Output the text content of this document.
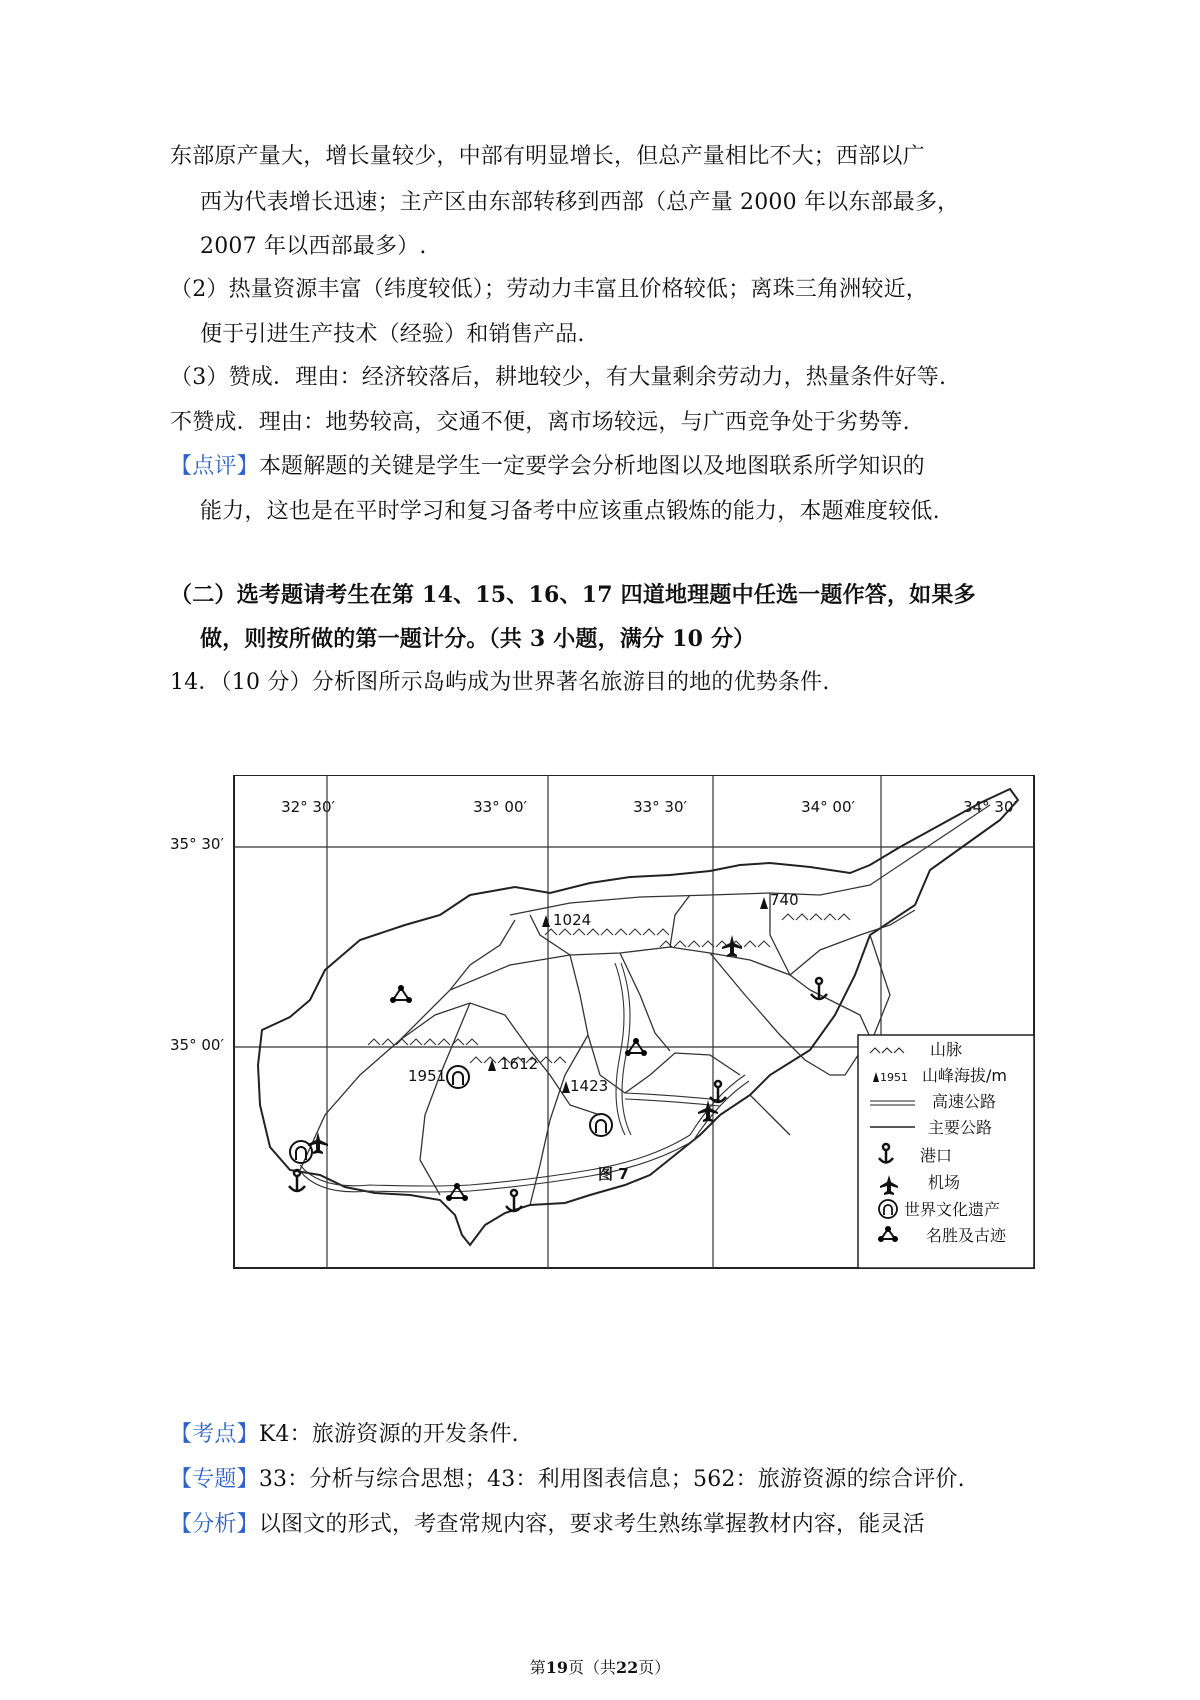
东部原产量大，增长量较少，中部有明显增长，但总产量相比不大；西部以广
西为代表增长迅速；主产区由东部转移到西部（总产量 2000 年以东部最多，
2007 年以西部最多）.
（2）热量资源丰富（纬度较低）；劳动力丰富且价格较低；离珠三角洲较近，
便于引进生产技术（经验）和销售产品.
（3）赞成．理由：经济较落后，耕地较少，有大量剩余劳动力，热量条件好等.
不赞成．理由：地势较高，交通不便，离市场较远，与广西竞争处于劣势等.
【点评】本题解题的关键是学生一定要学会分析地图以及地图联系所学知识的
能力，这也是在平时学习和复习备考中应该重点锻炼的能力，本题难度较低.
（二）选考题请考生在第 14、15、16、17 四道地理题中任选一题作答，如果多
做，则按所做的第一题计分。（共 3 小题，满分 10 分）
14．（10 分）分析图所示岛屿成为世界著名旅游目的地的优势条件.
32° 30′	33° 00′	33° 30′	34° 00′	34° 30′
35° 30′
35° 00′
1024
740
1612
1951
1423
图 7
山脉
1951 山峰海拔/m
高速公路
主要公路
港口
机场
世界文化遗产
名胜及古迹
【考点】K4：旅游资源的开发条件.
【专题】33：分析与综合思想；43：利用图表信息；562：旅游资源的综合评价.
【分析】以图文的形式，考查常规内容，要求考生熟练掌握教材内容，能灵活
第19页（共22页）
